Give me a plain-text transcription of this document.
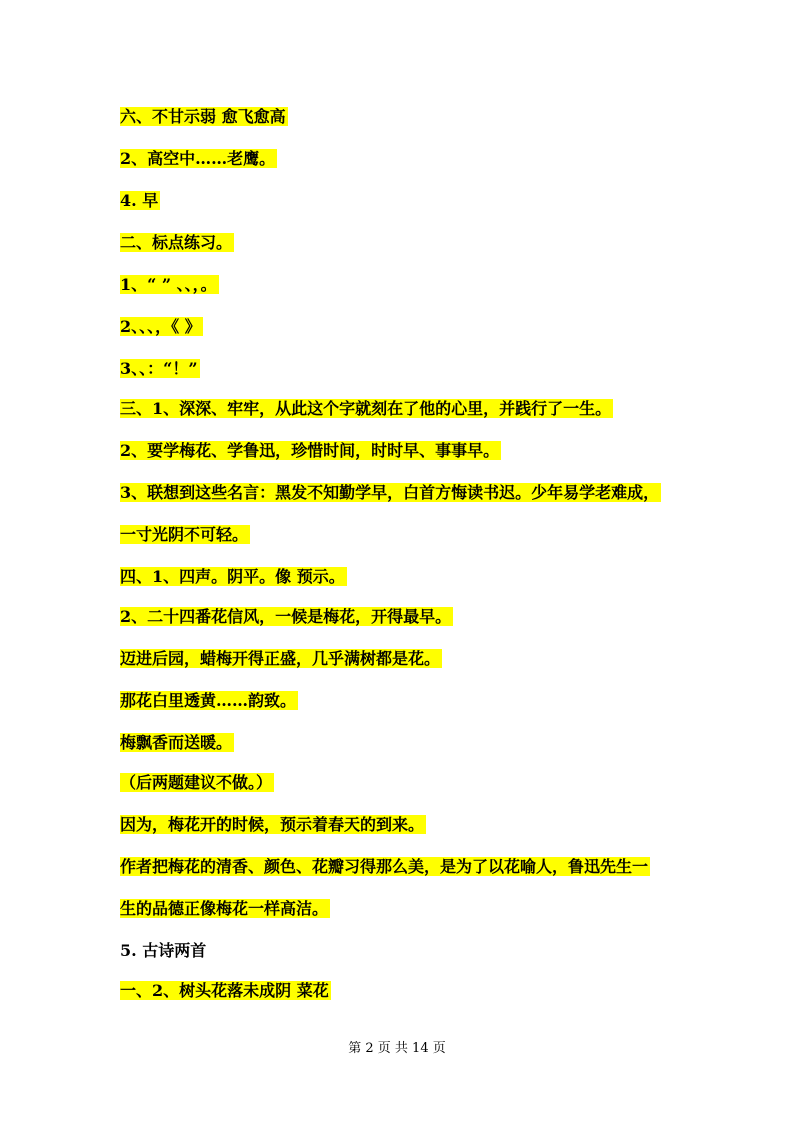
六、不甘示弱 愈飞愈高
2、高空中……老鹰。
4. 早
二、标点练习。
1、“ ” 、、，。
2、、、，《 》
3、、：“！”
三、1、深深、牢牢，从此这个字就刻在了他的心里，并践行了一生。
2、要学梅花、学鲁迅，珍惜时间，时时早、事事早。
3、联想到这些名言：黑发不知勤学早，白首方悔读书迟。少年易学老难成，
一寸光阴不可轻。
四、1、四声。阴平。像 预示。
2、二十四番花信风，一候是梅花，开得最早。
迈进后园，蜡梅开得正盛，几乎满树都是花。
那花白里透黄……韵致。
梅飘香而送暖。
（后两题建议不做。）
因为，梅花开的时候，预示着春天的到来。
作者把梅花的清香、颜色、花瓣习得那么美，是为了以花喻人，鲁迅先生一
生的品德正像梅花一样高洁。
5. 古诗两首
一、2、树头花落未成阴 菜花
第 2 页 共 14 页
